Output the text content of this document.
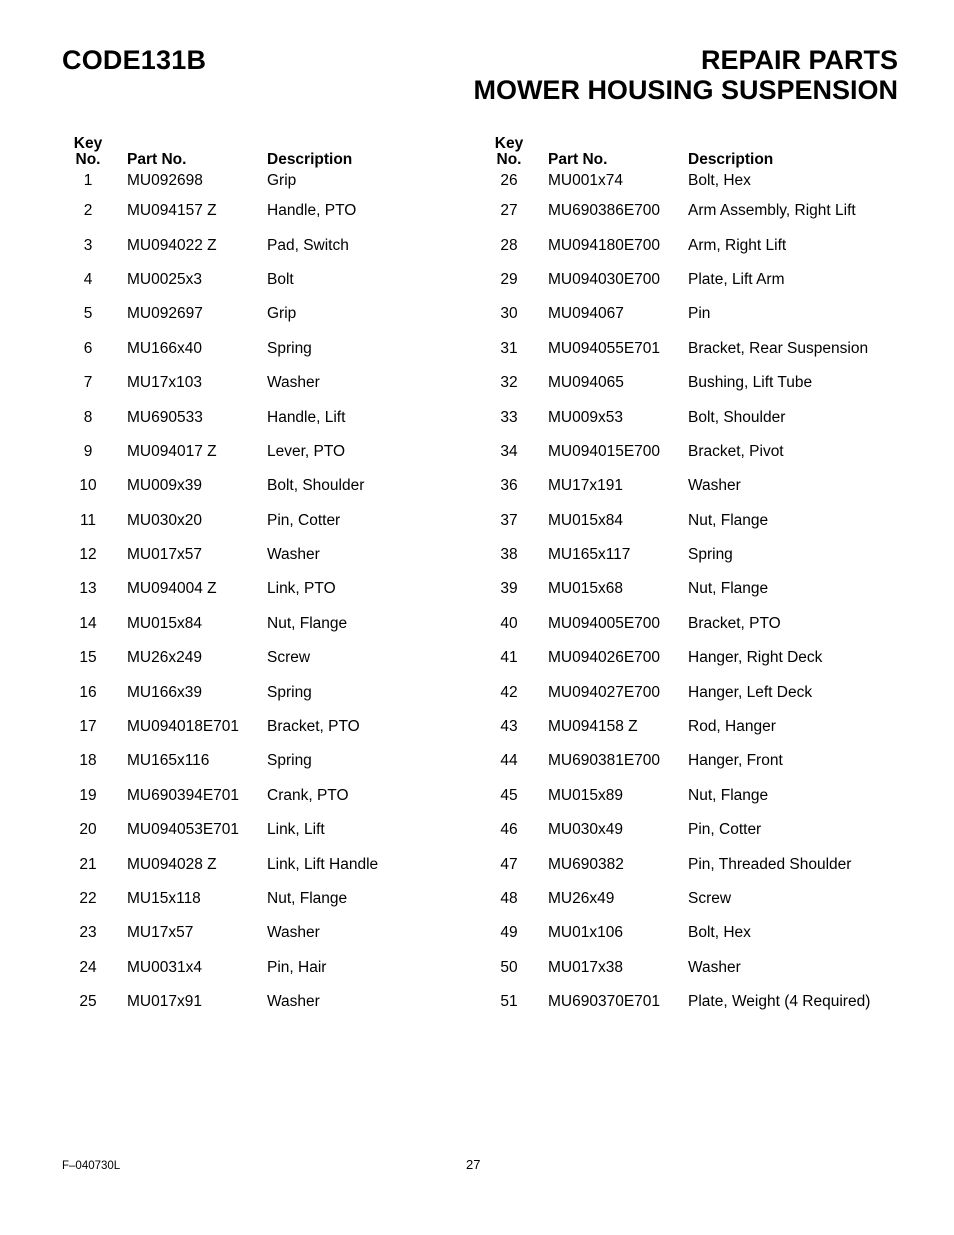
CODE131B	REPAIR PARTS
MOWER HOUSING SUSPENSION
Key
No.		Part No.	Description
1		MU092698	Grip
2		MU094157 Z	Handle, PTO
3		MU094022 Z	Pad, Switch
4		MU0025x3	Bolt
5		MU092697	Grip
6		MU166x40	Spring
7		MU17x103	Washer
8		MU690533	Handle, Lift
9		MU094017 Z	Lever, PTO
10		MU009x39	Bolt, Shoulder
11		MU030x20	Pin, Cotter
12		MU017x57	Washer
13		MU094004 Z	Link, PTO
14		MU015x84	Nut, Flange
15		MU26x249	Screw
16		MU166x39	Spring
17		MU094018E701	Bracket, PTO
18		MU165x116	Spring
19		MU690394E701	Crank, PTO
20		MU094053E701	Link, Lift
21		MU094028 Z	Link, Lift Handle
22		MU15x118	Nut, Flange
23		MU17x57	Washer
24		MU0031x4	Pin, Hair
25		MU017x91	Washer
Key
No.		Part No.	Description
26		MU001x74	Bolt, Hex
27		MU690386E700	Arm Assembly, Right Lift
28		MU094180E700	Arm, Right Lift
29		MU094030E700	Plate, Lift Arm
30		MU094067	Pin
31		MU094055E701	Bracket, Rear Suspension
32		MU094065	Bushing, Lift Tube
33		MU009x53	Bolt, Shoulder
34		MU094015E700	Bracket, Pivot
36		MU17x191	Washer
37		MU015x84	Nut, Flange
38		MU165x117	Spring
39		MU015x68	Nut, Flange
40		MU094005E700	Bracket, PTO
41		MU094026E700	Hanger, Right Deck
42		MU094027E700	Hanger, Left Deck
43		MU094158 Z	Rod, Hanger
44		MU690381E700	Hanger, Front
45		MU015x89	Nut, Flange
46		MU030x49	Pin, Cotter
47		MU690382	Pin, Threaded Shoulder
48		MU26x49	Screw
49		MU01x106	Bolt, Hex
50		MU017x38	Washer
51		MU690370E701	Plate, Weight (4 Required)
F–040730L	27
